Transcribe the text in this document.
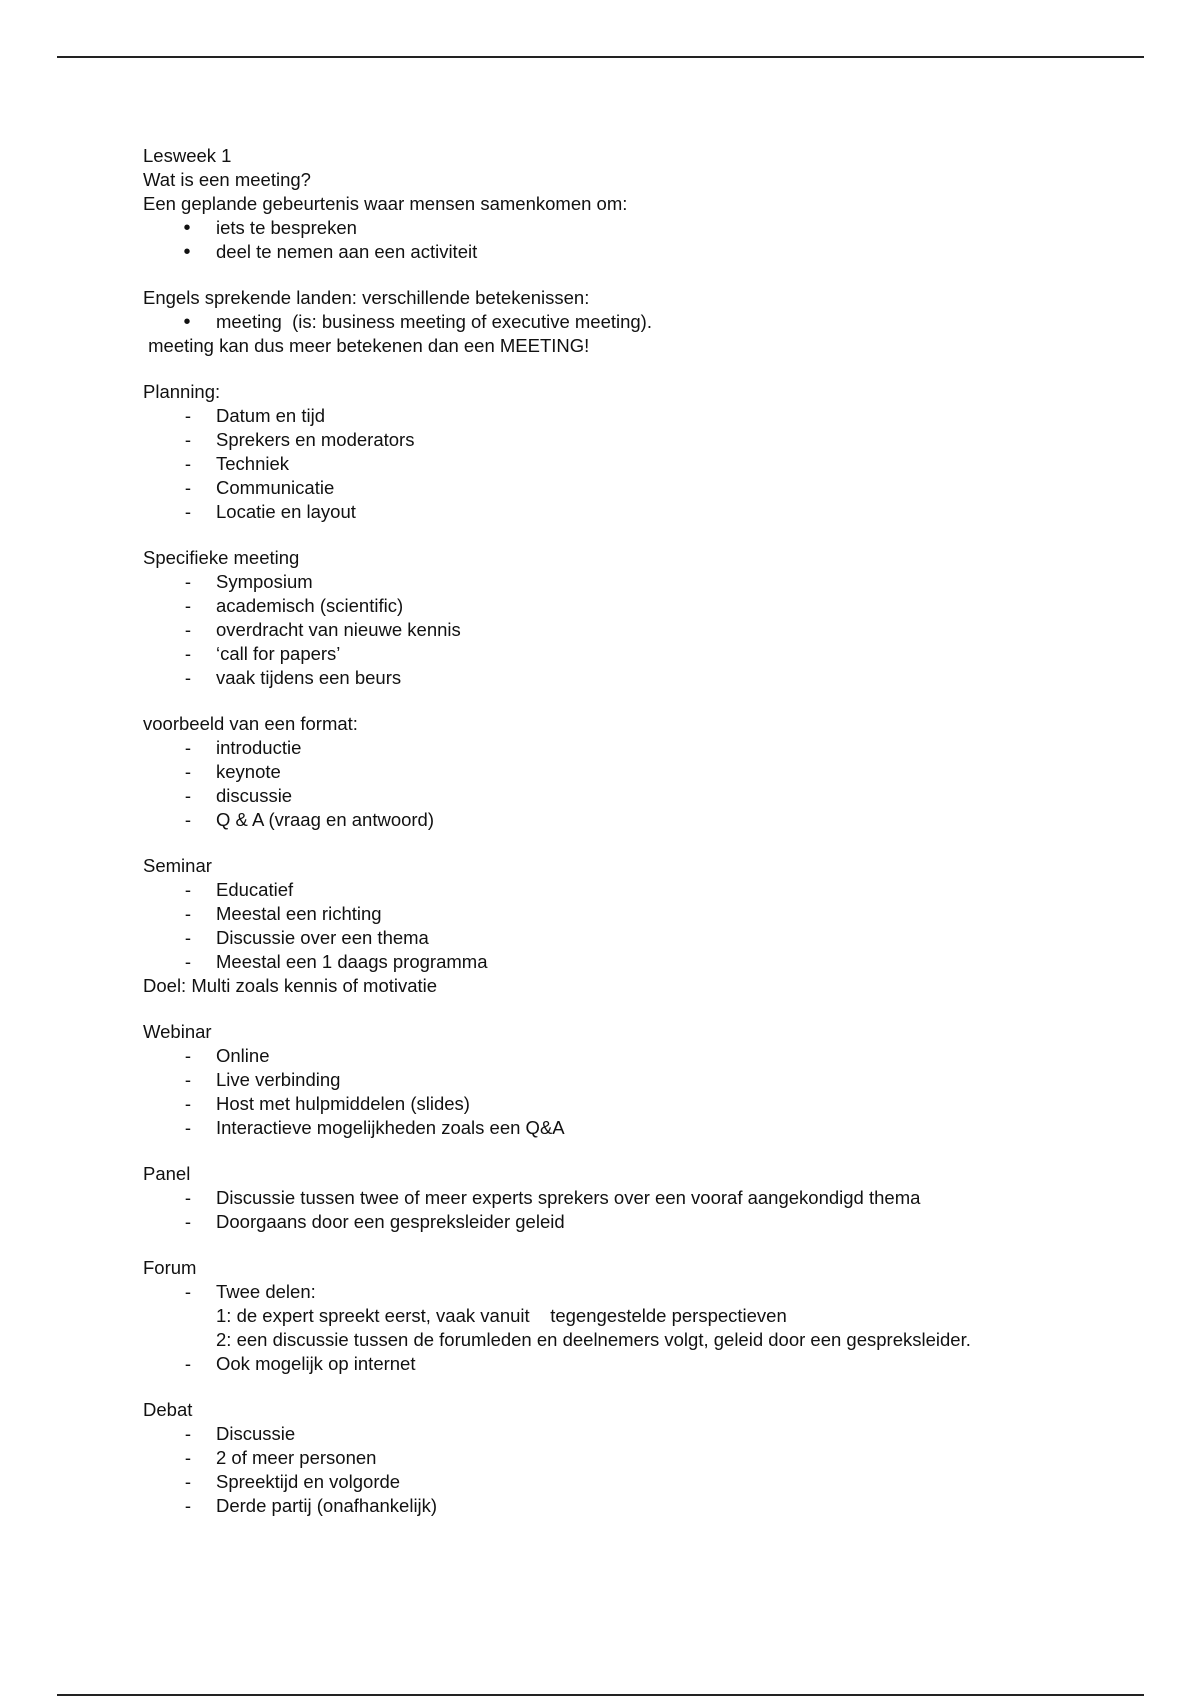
Lesweek 1
Wat is een meeting?
Een geplande gebeurtenis waar mensen samenkomen om:
• iets te bespreken
• deel te nemen aan een activiteit
Engels sprekende landen: verschillende betekenissen:
• meeting  (is: business meeting of executive meeting).
meeting kan dus meer betekenen dan een MEETING!
Planning:
- Datum en tijd
- Sprekers en moderators
- Techniek
- Communicatie
- Locatie en layout
Specifieke meeting
- Symposium
- academisch (scientific)
- overdracht van nieuwe kennis
- ‘call for papers’
- vaak tijdens een beurs
voorbeeld van een format:
- introductie
- keynote
- discussie
- Q & A (vraag en antwoord)
Seminar
- Educatief
- Meestal een richting
- Discussie over een thema
- Meestal een 1 daags programma
Doel: Multi zoals kennis of motivatie
Webinar
- Online
- Live verbinding
- Host met hulpmiddelen (slides)
- Interactieve mogelijkheden zoals een Q&A
Panel
- Discussie tussen twee of meer experts sprekers over een vooraf aangekondigd thema
- Doorgaans door een gespreksleider geleid
Forum
- Twee delen:
1: de expert spreekt eerst, vaak vanuit    tegengestelde perspectieven
2: een discussie tussen de forumleden en deelnemers volgt, geleid door een gespreksleider.
- Ook mogelijk op internet
Debat
- Discussie
- 2 of meer personen
- Spreektijd en volgorde
- Derde partij (onafhankelijk)
